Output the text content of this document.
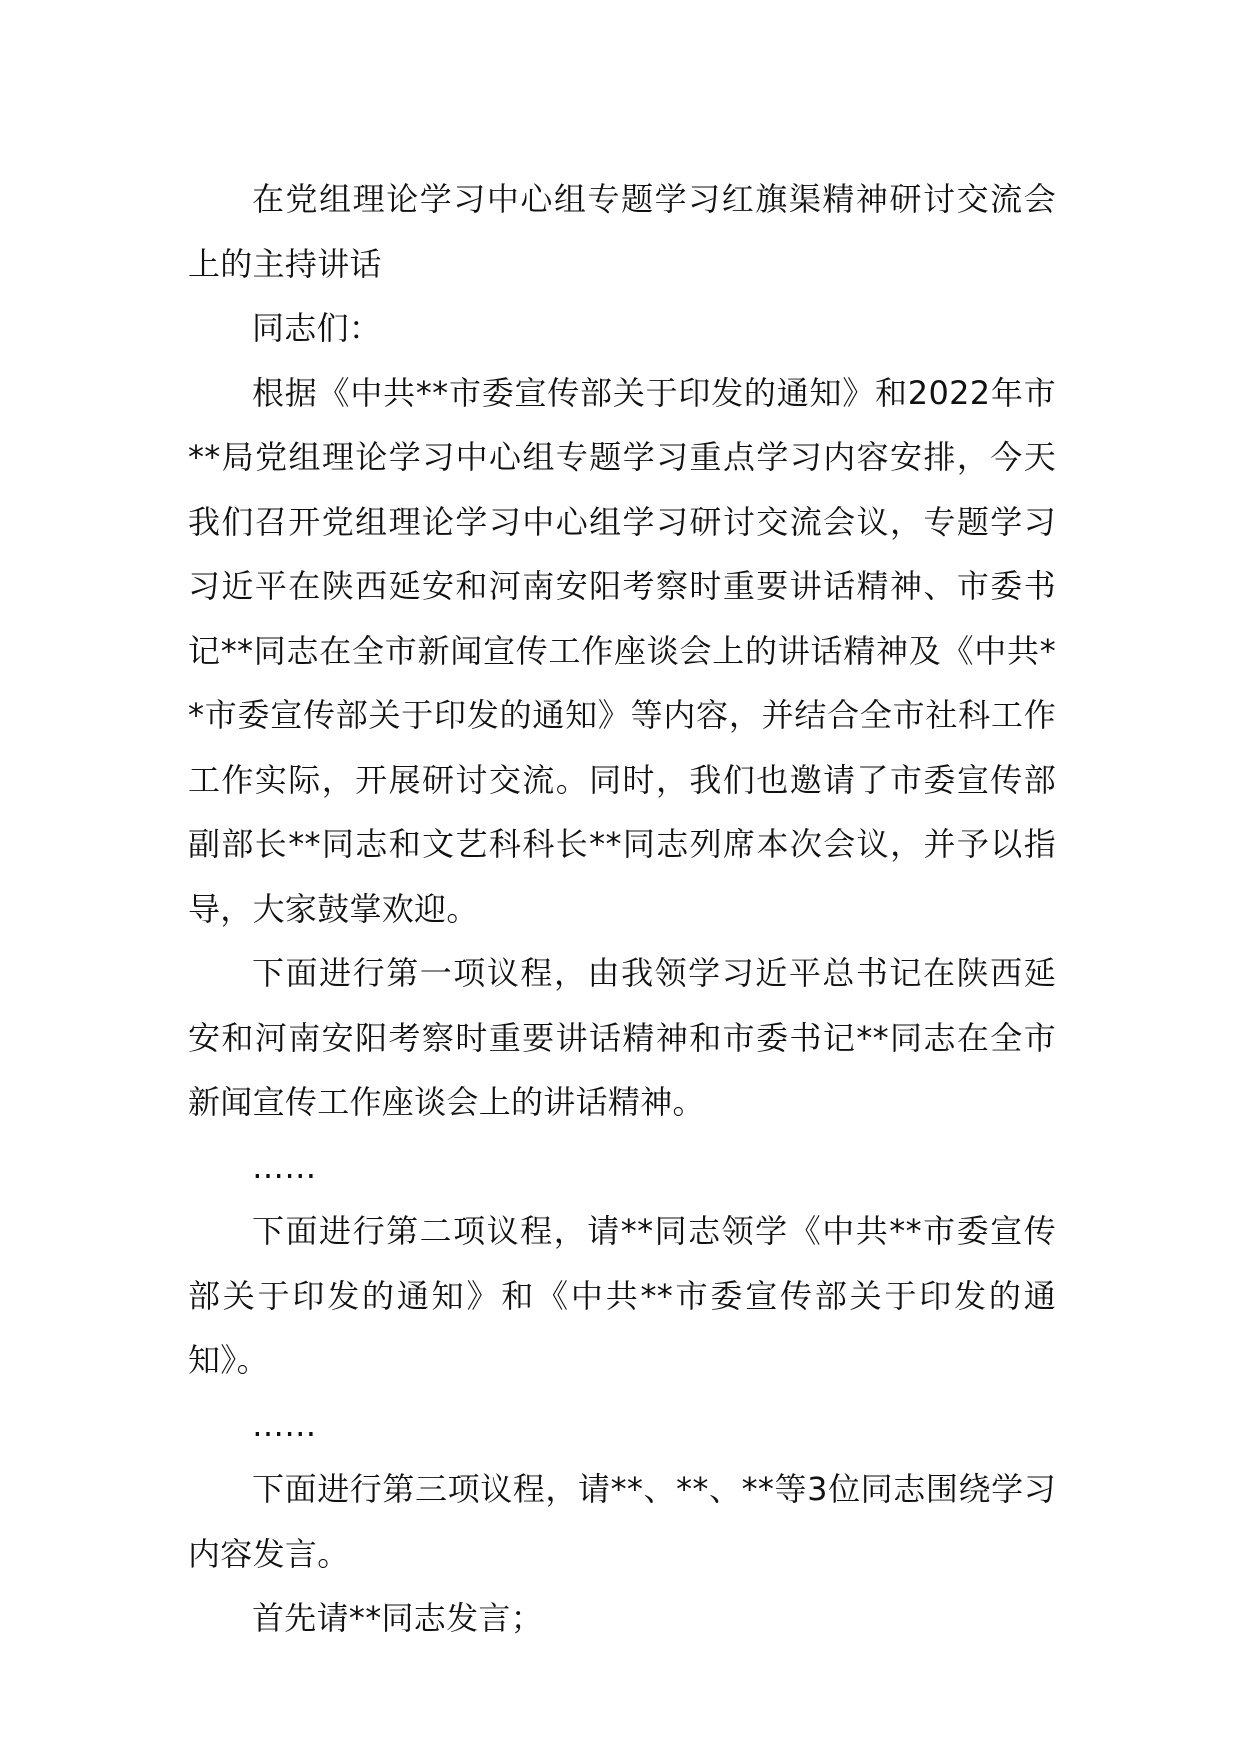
在党组理论学习中心组专题学习红旗渠精神研讨交流会上的主持讲话

同志们：

根据《中共**市委宣传部关于印发的通知》和2022年市**局党组理论学习中心组专题学习重点学习内容安排，今天我们召开党组理论学习中心组学习研讨交流会议，专题学习习近平在陕西延安和河南安阳考察时重要讲话精神、市委书记**同志在全市新闻宣传工作座谈会上的讲话精神及《中共**市委宣传部关于印发的通知》等内容，并结合全市社科工作工作实际，开展研讨交流。同时，我们也邀请了市委宣传部副部长**同志和文艺科科长**同志列席本次会议，并予以指导，大家鼓掌欢迎。

下面进行第一项议程，由我领学习近平总书记在陕西延安和河南安阳考察时重要讲话精神和市委书记**同志在全市新闻宣传工作座谈会上的讲话精神。

……

下面进行第二项议程，请**同志领学《中共**市委宣传部关于印发的通知》和《中共**市委宣传部关于印发的通知》。

……

下面进行第三项议程，请**、**、**等3位同志围绕学习内容发言。

首先请**同志发言；
